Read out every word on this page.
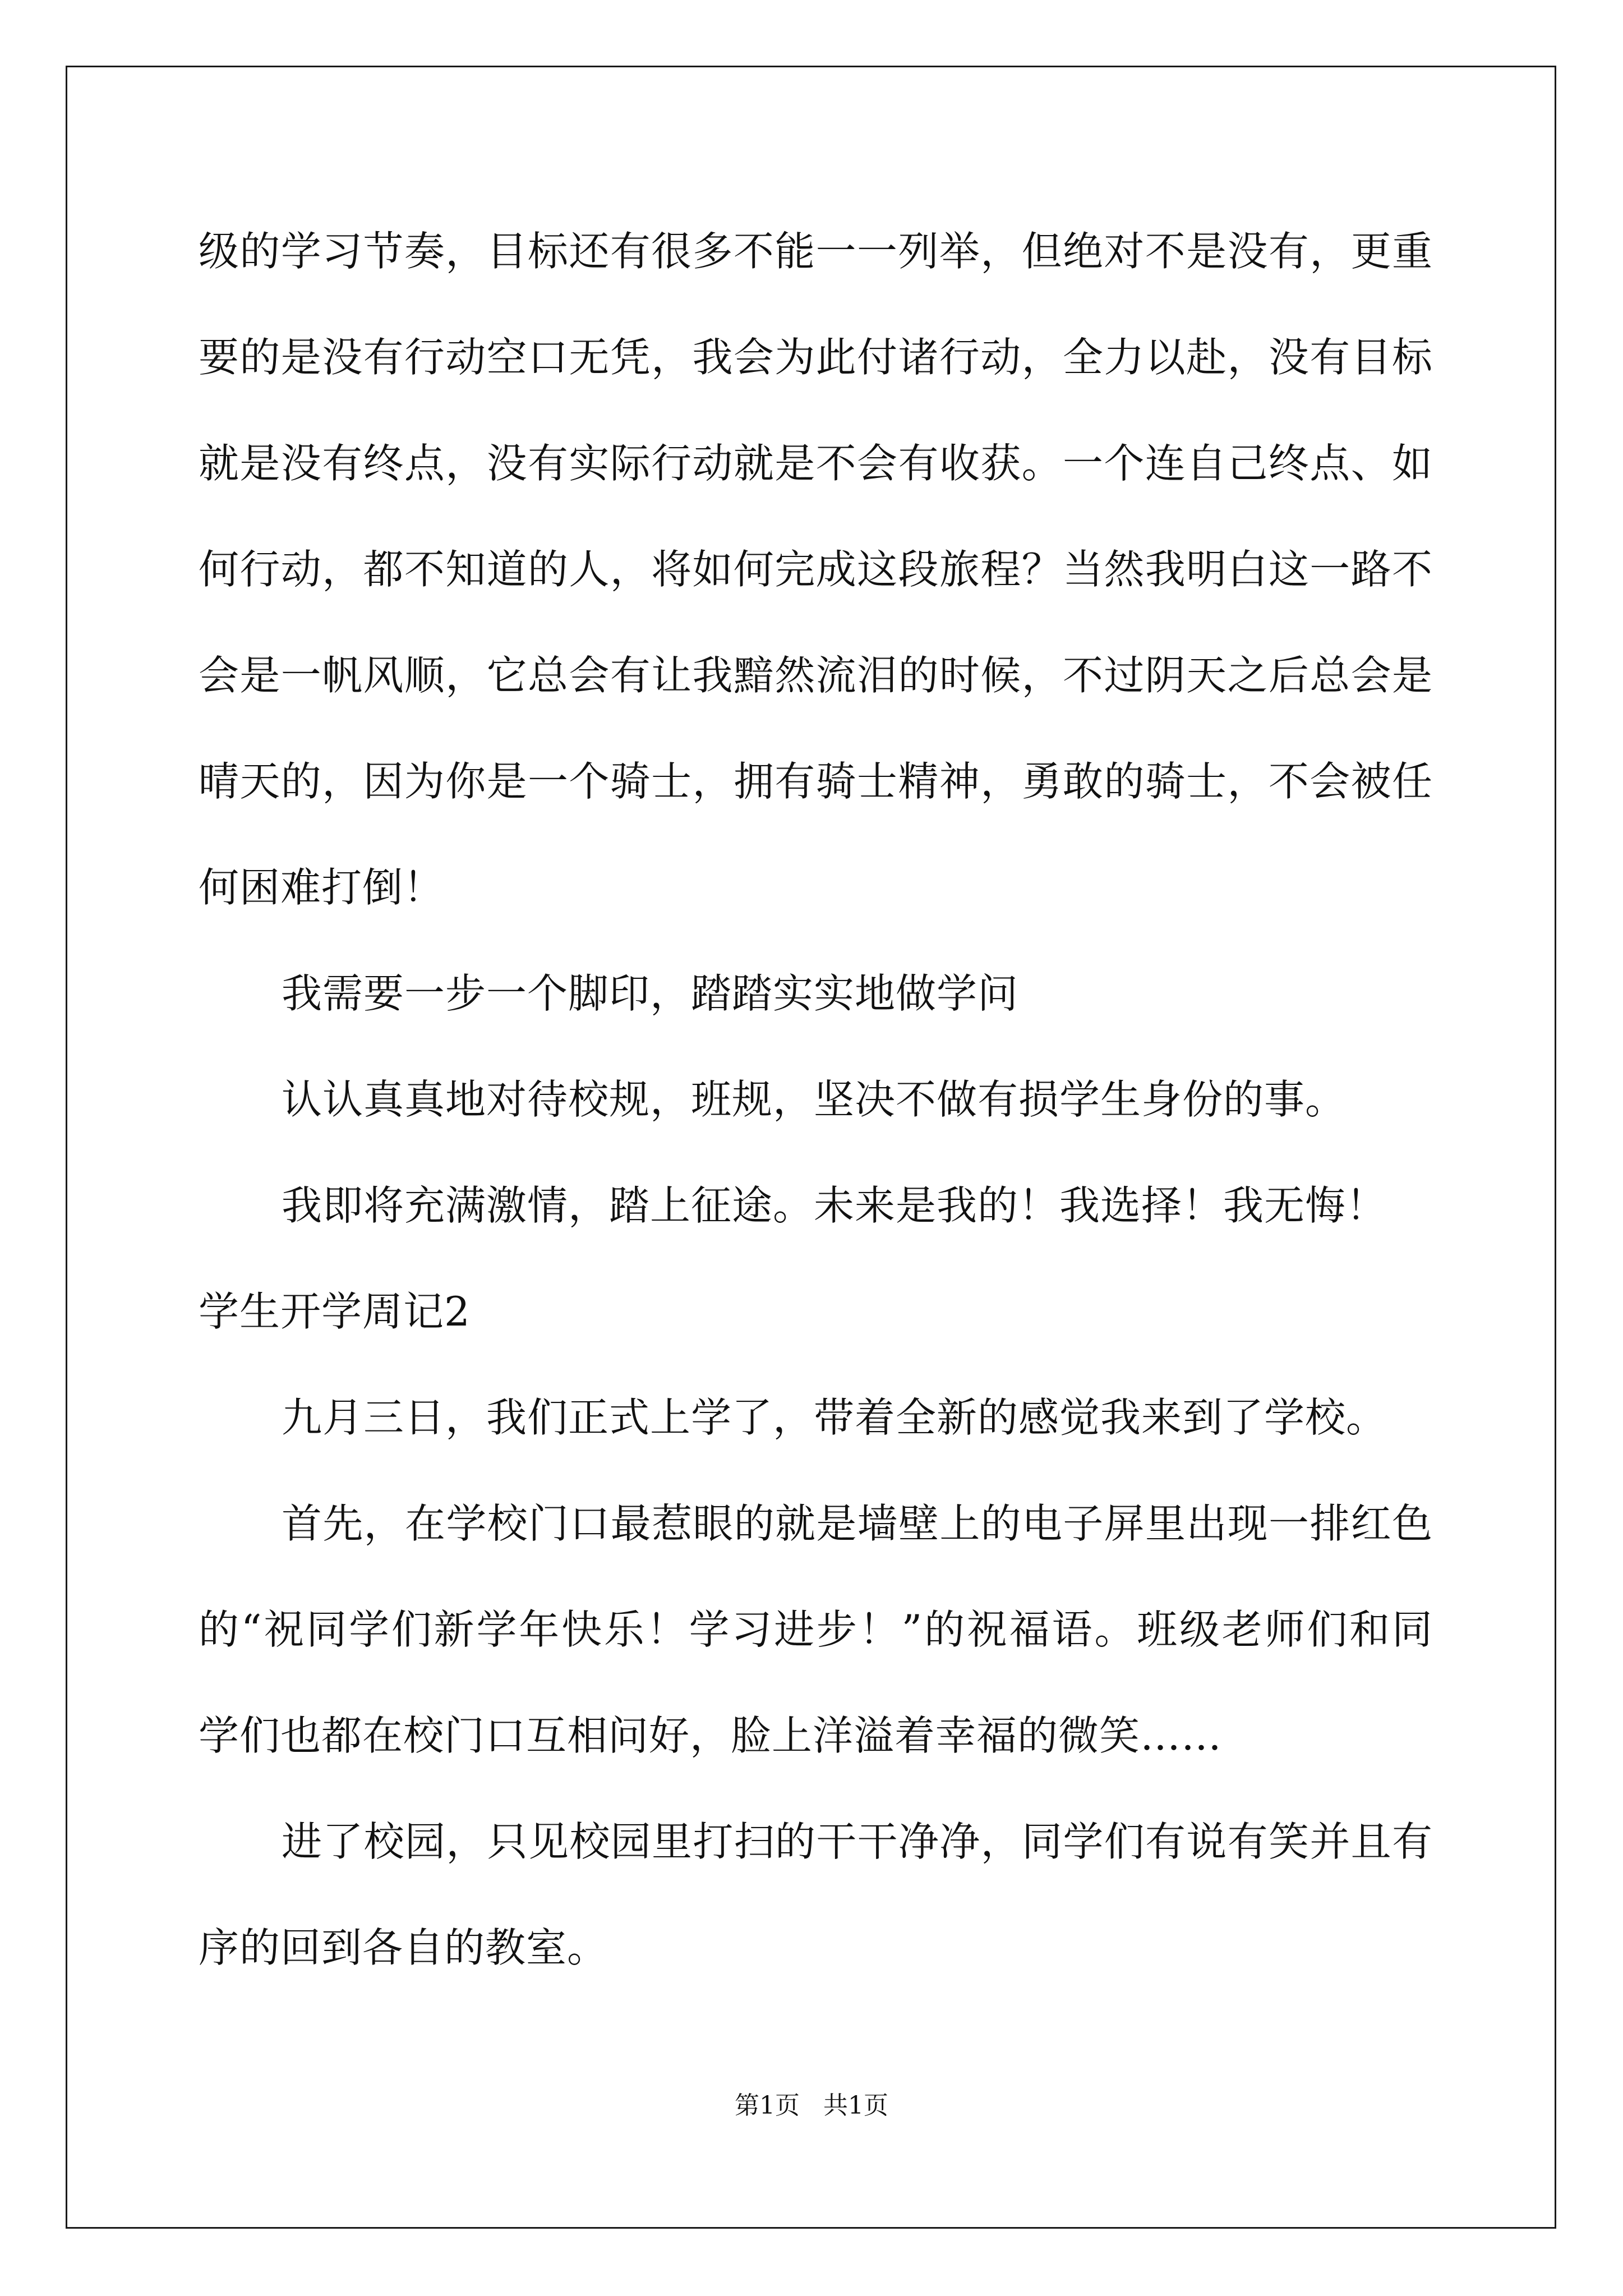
级的学习节奏，目标还有很多不能一一列举，但绝对不是没有，更重
要的是没有行动空口无凭，我会为此付诸行动，全力以赴，没有目标
就是没有终点，没有实际行动就是不会有收获。一个连自己终点、如
何行动，都不知道的人，将如何完成这段旅程？当然我明白这一路不
会是一帆风顺，它总会有让我黯然流泪的时候，不过阴天之后总会是
晴天的，因为你是一个骑士，拥有骑士精神，勇敢的骑士，不会被任
何困难打倒！
我需要一步一个脚印，踏踏实实地做学问
认认真真地对待校规，班规，坚决不做有损学生身份的事。
我即将充满激情，踏上征途。未来是我的！我选择！我无悔！
学生开学周记2
九月三日，我们正式上学了，带着全新的感觉我来到了学校。
首先，在学校门口最惹眼的就是墙壁上的电子屏里出现一排红色
的“祝同学们新学年快乐！学习进步！”的祝福语。班级老师们和同
学们也都在校门口互相问好，脸上洋溢着幸福的微笑……
进了校园，只见校园里打扫的干干净净，同学们有说有笑并且有
序的回到各自的教室。
第1页 共1页
